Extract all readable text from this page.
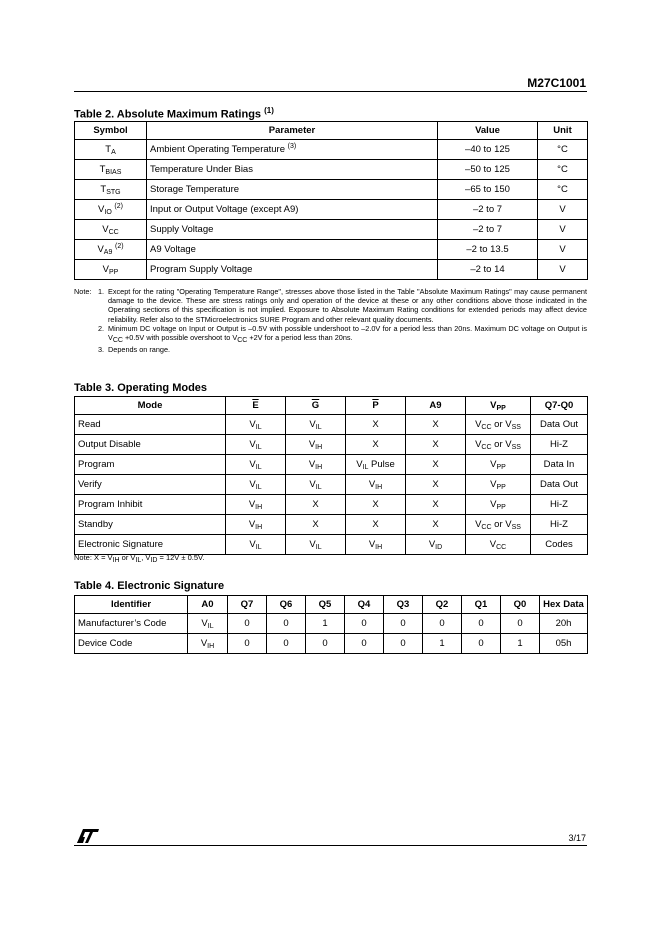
M27C1001
Table 2. Absolute Maximum Ratings $^{(1)}$
Symbol	Parameter	Value	Unit
$T_A$	Ambient Operating Temperature $^{(3)}$	–40 to 125	°C
$T_{BIAS}$	Temperature Under Bias	–50 to 125	°C
$T_{STG}$	Storage Temperature	–65 to 150	°C
$V_{IO}$ $^{(2)}$	Input or Output Voltage (except A9)	–2 to 7	V
$V_{CC}$	Supply Voltage	–2 to 7	V
$V_{A9}$ $^{(2)}$	A9 Voltage	–2 to 13.5	V
$V_{PP}$	Program Supply Voltage	–2 to 14	V
Note: 1. Except for the rating "Operating Temperature Range", stresses above those listed in the Table "Absolute Maximum Ratings" may cause permanent damage to the device. These are stress ratings only and operation of the device at these or any other conditions above those indicated in the Operating sections of this specification is not implied. Exposure to Absolute Maximum Rating conditions for extended periods may affect device reliability. Refer also to the STMicroelectronics SURE Program and other relevant quality documents.
2. Minimum DC voltage on Input or Output is –0.5V with possible undershoot to –2.0V for a period less than 20ns. Maximum DC voltage on Output is $V_{CC} +0.5V$ with possible overshoot to $V_{CC} +2V$ for a period less than 20ns.
3. Depends on range.
Table 3. Operating Modes
Mode	$\overline{E}$	$\overline{G}$	$\overline{P}$	A9	$V_{PP}$	Q7-Q0
Read	$V_{IL}$	$V_{IL}$	X	X	$V_{CC}$ or $V_{SS}$	Data Out
Output Disable	$V_{IL}$	$V_{IH}$	X	X	$V_{CC}$ or $V_{SS}$	Hi-Z
Program	$V_{IL}$	$V_{IH}$	$V_{IL}$ Pulse	X	$V_{PP}$	Data In
Verify	$V_{IL}$	$V_{IL}$	$V_{IH}$	X	$V_{PP}$	Data Out
Program Inhibit	$V_{IH}$	X	X	X	$V_{PP}$	Hi-Z
Standby	$V_{IH}$	X	X	X	$V_{CC}$ or $V_{SS}$	Hi-Z
Electronic Signature	$V_{IL}$	$V_{IL}$	$V_{IH}$	$V_{ID}$	$V_{CC}$	Codes
Note: $X = V_{IH}$ or $V_{IL}$, $V_{ID} = 12V \pm 0.5V$.
Table 4. Electronic Signature
Identifier	A0	Q7	Q6	Q5	Q4	Q3	Q2	Q1	Q0	Hex Data
Manufacturer’s Code	$V_{IL}$	0	0	1	0	0	0	0	0	20h
Device Code	$V_{IH}$	0	0	0	0	0	1	0	1	05h
3/17
